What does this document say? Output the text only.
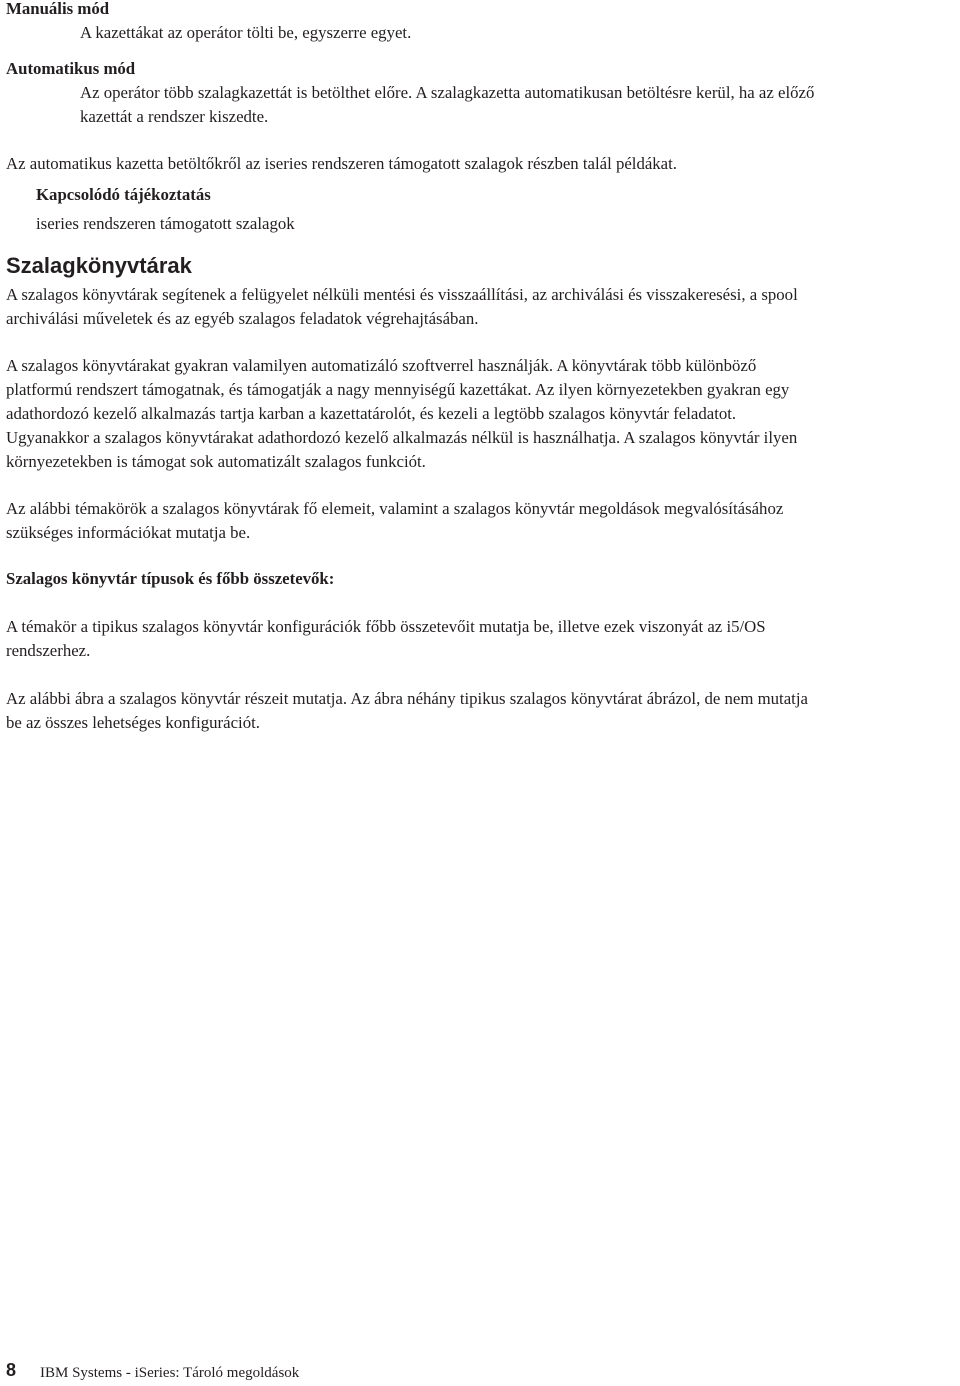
Manuális mód

A kazettákat az operátor tölti be, egyszerre egyet.

Automatikus mód

Az operátor több szalagkazettát is betölthet előre. A szalagkazetta automatikusan betöltésre kerül, ha az előző

kazettát a rendszer kiszedte.

Az automatikus kazetta betöltőkről az iseries rendszeren támogatott szalagok részben talál példákat.

Kapcsolódó tájékoztatás

iseries rendszeren támogatott szalagok

Szalagkönyvtárak

A szalagos könyvtárak segítenek a felügyelet nélküli mentési és visszaállítási, az archiválási és visszakeresési, a spool

archiválási műveletek és az egyéb szalagos feladatok végrehajtásában.

A szalagos könyvtárakat gyakran valamilyen automatizáló szoftverrel használják. A könyvtárak több különböző

platformú rendszert támogatnak, és támogatják a nagy mennyiségű kazettákat. Az ilyen környezetekben gyakran egy

adathordozó kezelő alkalmazás tartja karban a kazettatárolót, és kezeli a legtöbb szalagos könyvtár feladatot.

Ugyanakkor a szalagos könyvtárakat adathordozó kezelő alkalmazás nélkül is használhatja. A szalagos könyvtár ilyen

környezetekben is támogat sok automatizált szalagos funkciót.

Az alábbi témakörök a szalagos könyvtárak fő elemeit, valamint a szalagos könyvtár megoldások megvalósításához

szükséges információkat mutatja be.

Szalagos könyvtár típusok és főbb összetevők:

A témakör a tipikus szalagos könyvtár konfigurációk főbb összetevőit mutatja be, illetve ezek viszonyát az i5/OS

rendszerhez.

Az alábbi ábra a szalagos könyvtár részeit mutatja. Az ábra néhány tipikus szalagos könyvtárat ábrázol, de nem mutatja

be az összes lehetséges konfigurációt.

8 IBM Systems - iSeries: Tároló megoldások
